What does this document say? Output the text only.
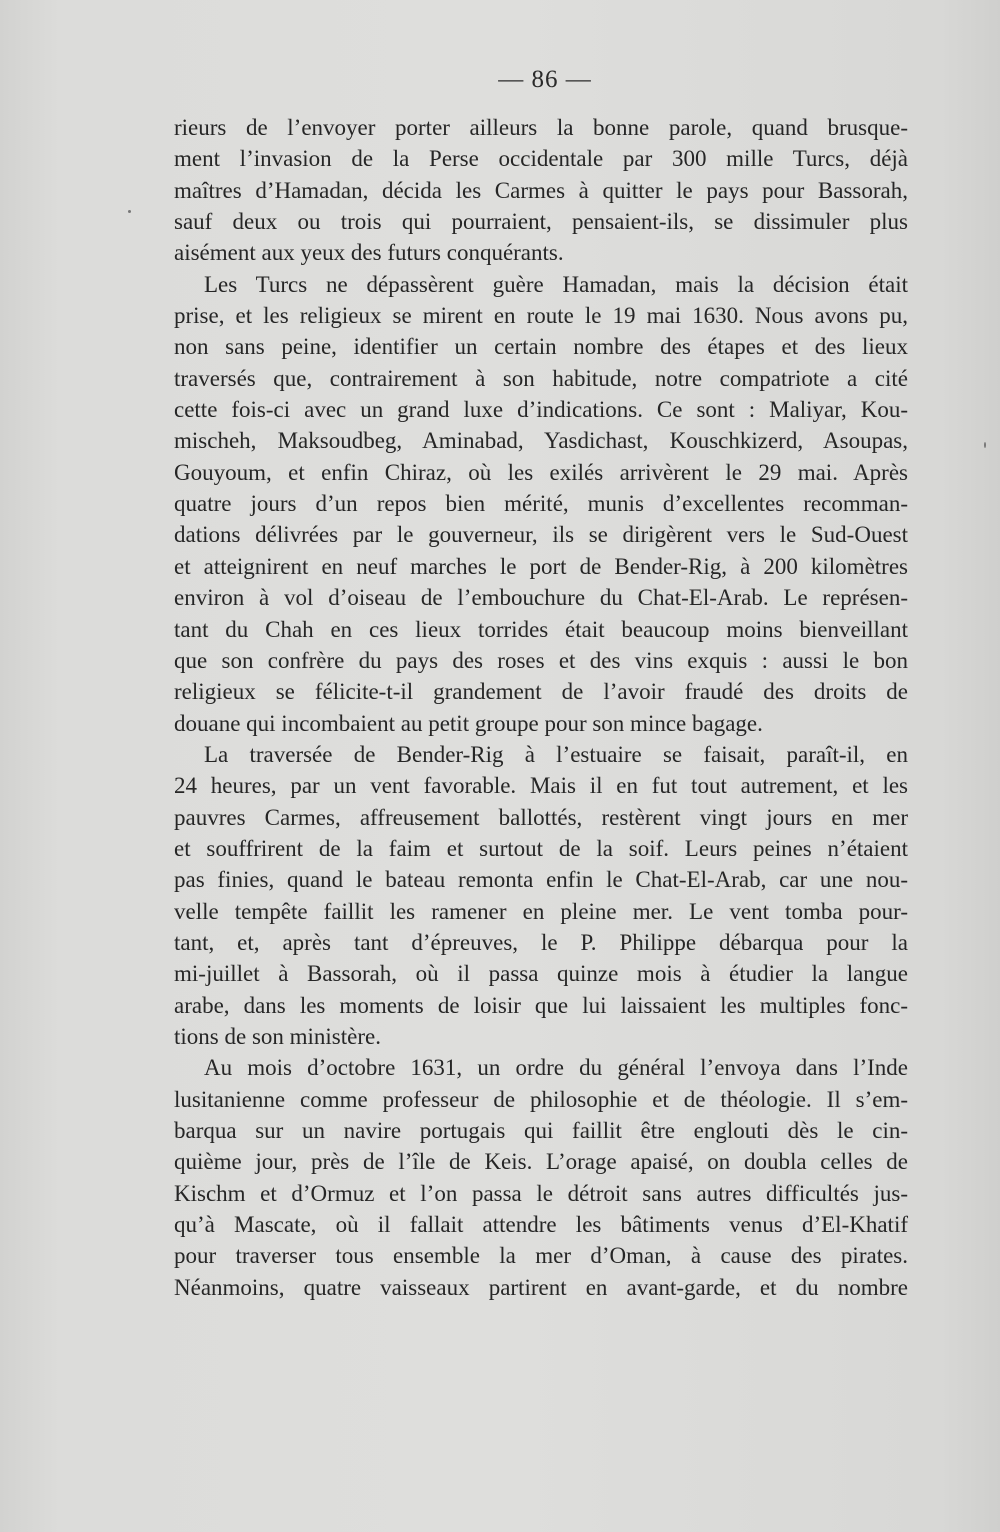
— 86 —
rieurs de l’envoyer porter ailleurs la bonne parole, quand brusque-
ment l’invasion de la Perse occidentale par 300 mille Turcs, déjà
maîtres d’Hamadan, décida les Carmes à quitter le pays pour Bassorah,
sauf deux ou trois qui pourraient, pensaient-ils, se dissimuler plus
aisément aux yeux des futurs conquérants.
Les Turcs ne dépassèrent guère Hamadan, mais la décision était
prise, et les religieux se mirent en route le 19 mai 1630. Nous avons pu,
non sans peine, identifier un certain nombre des étapes et des lieux
traversés que, contrairement à son habitude, notre compatriote a cité
cette fois-ci avec un grand luxe d’indications. Ce sont : Maliyar, Kou-
mischeh, Maksoudbeg, Aminabad, Yasdichast, Kouschkizerd, Asoupas,
Gouyoum, et enfin Chiraz, où les exilés arrivèrent le 29 mai. Après
quatre jours d’un repos bien mérité, munis d’excellentes recomman-
dations délivrées par le gouverneur, ils se dirigèrent vers le Sud-Ouest
et atteignirent en neuf marches le port de Bender-Rig, à 200 kilomètres
environ à vol d’oiseau de l’embouchure du Chat-El-Arab. Le représen-
tant du Chah en ces lieux torrides était beaucoup moins bienveillant
que son confrère du pays des roses et des vins exquis : aussi le bon
religieux se félicite-t-il grandement de l’avoir fraudé des droits de
douane qui incombaient au petit groupe pour son mince bagage.
La traversée de Bender-Rig à l’estuaire se faisait, paraît-il, en
24 heures, par un vent favorable. Mais il en fut tout autrement, et les
pauvres Carmes, affreusement ballottés, restèrent vingt jours en mer
et souffrirent de la faim et surtout de la soif. Leurs peines n’étaient
pas finies, quand le bateau remonta enfin le Chat-El-Arab, car une nou-
velle tempête faillit les ramener en pleine mer. Le vent tomba pour-
tant, et, après tant d’épreuves, le P. Philippe débarqua pour la
mi-juillet à Bassorah, où il passa quinze mois à étudier la langue
arabe, dans les moments de loisir que lui laissaient les multiples fonc-
tions de son ministère.
Au mois d’octobre 1631, un ordre du général l’envoya dans l’Inde
lusitanienne comme professeur de philosophie et de théologie. Il s’em-
barqua sur un navire portugais qui faillit être englouti dès le cin-
quième jour, près de l’île de Keis. L’orage apaisé, on doubla celles de
Kischm et d’Ormuz et l’on passa le détroit sans autres difficultés jus-
qu’à Mascate, où il fallait attendre les bâtiments venus d’El-Khatif
pour traverser tous ensemble la mer d’Oman, à cause des pirates.
Néanmoins, quatre vaisseaux partirent en avant-garde, et du nombre
